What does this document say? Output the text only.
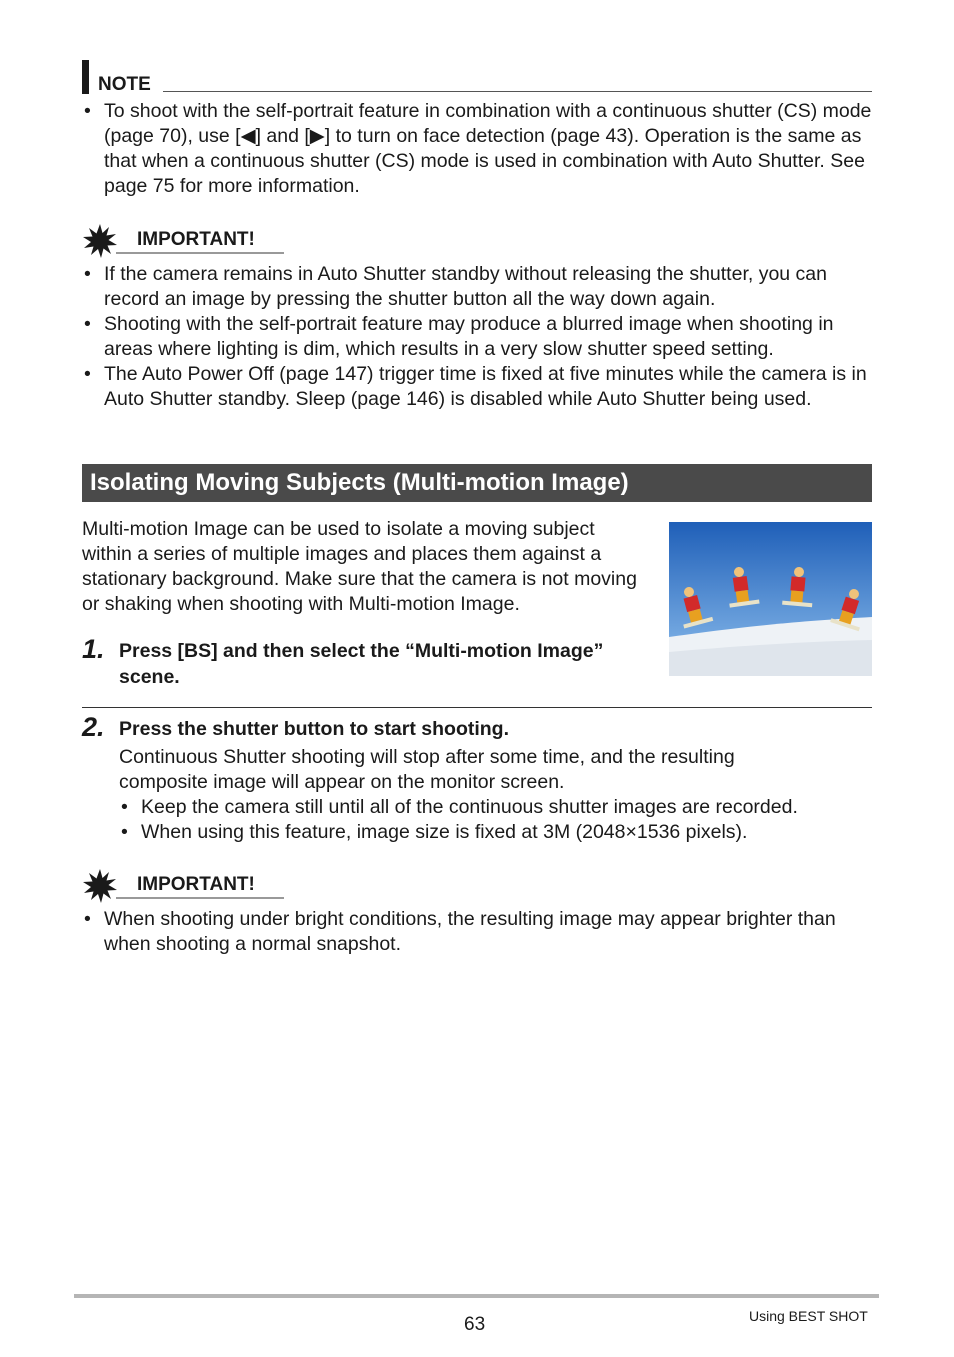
NOTE
• To shoot with the self-portrait feature in combination with a continuous shutter (CS) mode (page 70), use [◀] and [▶] to turn on face detection (page 43). Operation is the same as that when a continuous shutter (CS) mode is used in combination with Auto Shutter. See page 75 for more information.
IMPORTANT!
• If the camera remains in Auto Shutter standby without releasing the shutter, you can record an image by pressing the shutter button all the way down again.
• Shooting with the self-portrait feature may produce a blurred image when shooting in areas where lighting is dim, which results in a very slow shutter speed setting.
• The Auto Power Off (page 147) trigger time is fixed at five minutes while the camera is in Auto Shutter standby. Sleep (page 146) is disabled while Auto Shutter being used.
Isolating Moving Subjects (Multi-motion Image)
Multi-motion Image can be used to isolate a moving subject within a series of multiple images and places them against a stationary background. Make sure that the camera is not moving or shaking when shooting with Multi-motion Image.
1. Press [BS] and then select the “Multi-motion Image” scene.
2. Press the shutter button to start shooting.
Continuous Shutter shooting will stop after some time, and the resulting composite image will appear on the monitor screen.
• Keep the camera still until all of the continuous shutter images are recorded.
• When using this feature, image size is fixed at 3M (2048×1536 pixels).
IMPORTANT!
• When shooting under bright conditions, the resulting image may appear brighter than when shooting a normal snapshot.
63	Using BEST SHOT
